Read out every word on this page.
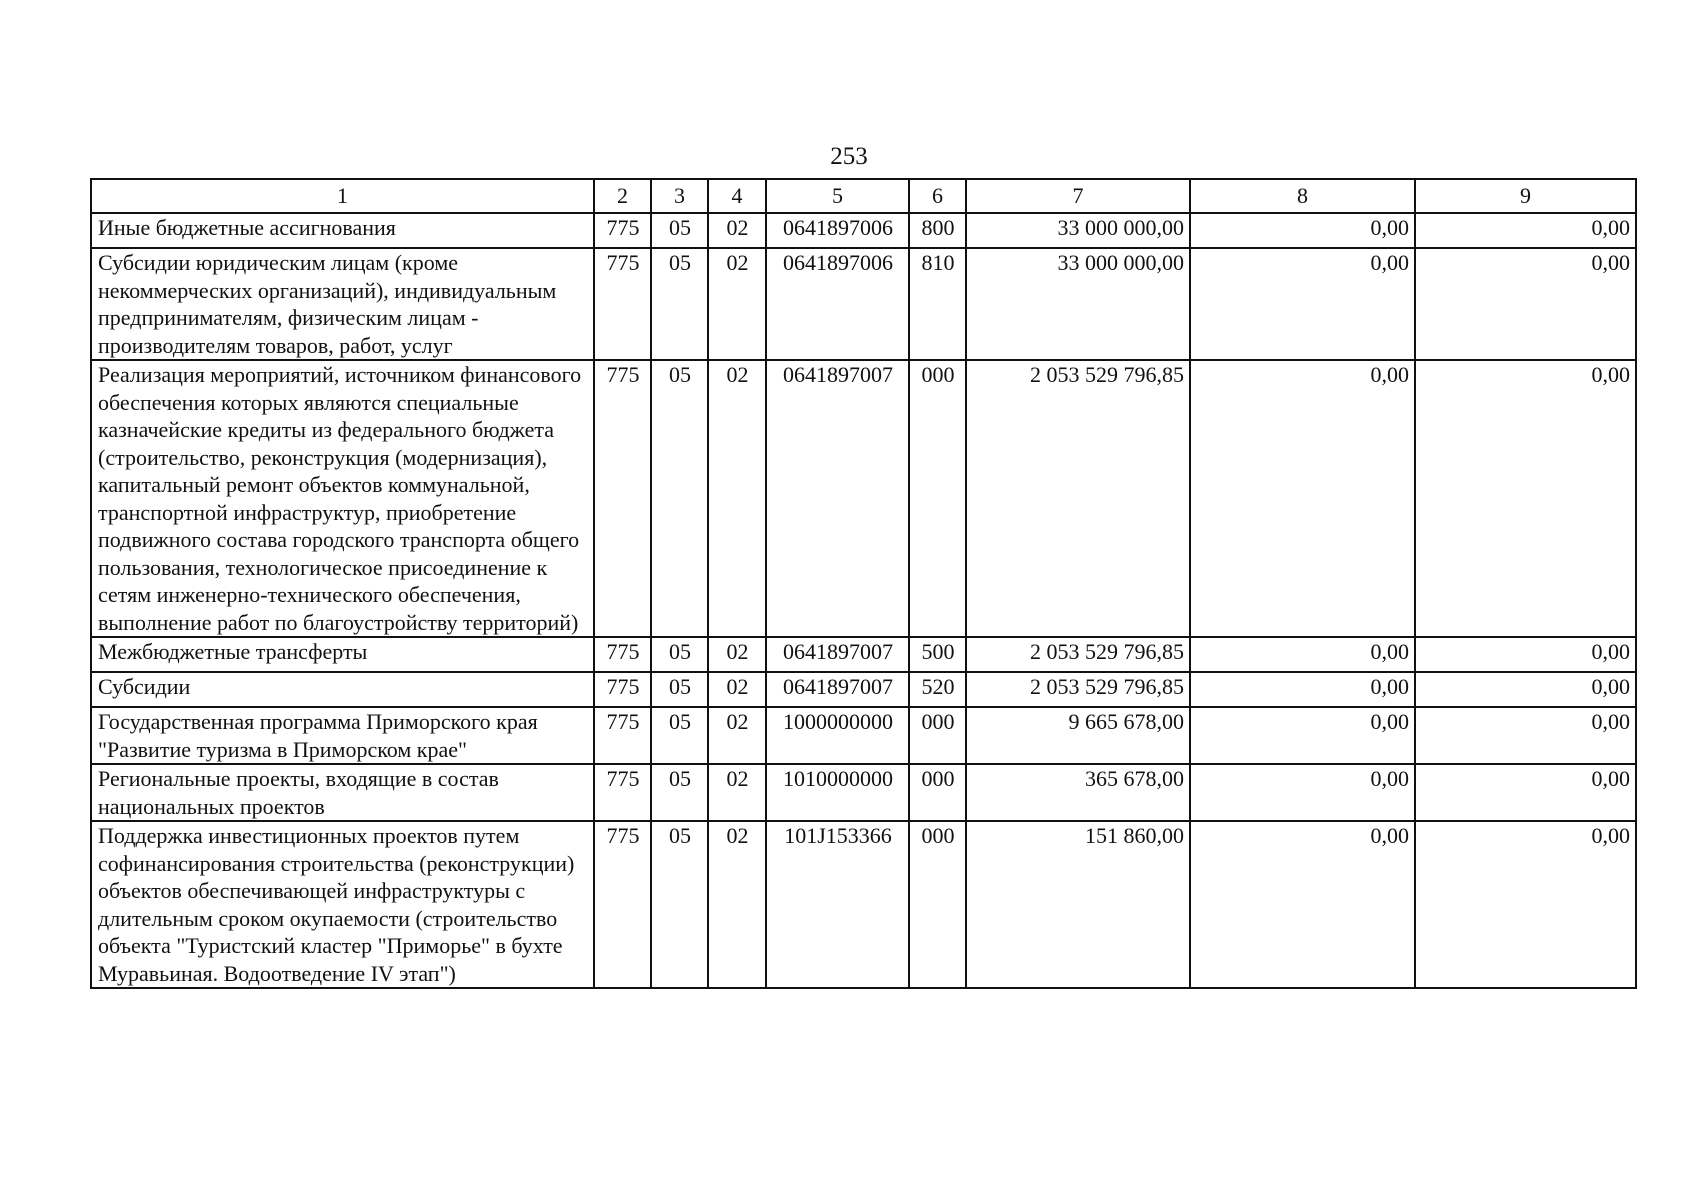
253
1	2	3	4	5	6	7	8	9
Иные бюджетные ассигнования	775	05	02	0641897006	800	33 000 000,00	0,00	0,00
Субсидии юридическим лицам (кроме некоммерческих организаций), индивидуальным предпринимателям, физическим лицам - производителям товаров, работ, услуг	775	05	02	0641897006	810	33 000 000,00	0,00	0,00
Реализация мероприятий, источником финансового обеспечения которых являются специальные казначейские кредиты из федерального бюджета (строительство, реконструкция (модернизация), капитальный ремонт объектов коммунальной, транспортной инфраструктур, приобретение подвижного состава городского транспорта общего пользования, технологическое присоединение к сетям инженерно-технического обеспечения, выполнение работ по благоустройству территорий)	775	05	02	0641897007	000	2 053 529 796,85	0,00	0,00
Межбюджетные трансферты	775	05	02	0641897007	500	2 053 529 796,85	0,00	0,00
Субсидии	775	05	02	0641897007	520	2 053 529 796,85	0,00	0,00
Государственная программа Приморского края "Развитие туризма в Приморском крае"	775	05	02	1000000000	000	9 665 678,00	0,00	0,00
Региональные проекты, входящие в состав национальных проектов	775	05	02	1010000000	000	365 678,00	0,00	0,00
Поддержка инвестиционных проектов путем софинансирования строительства (реконструкции) объектов обеспечивающей инфраструктуры с длительным сроком окупаемости (строительство объекта "Туристский кластер "Приморье" в бухте Муравьиная. Водоотведение IV этап")	775	05	02	101J153366	000	151 860,00	0,00	0,00
